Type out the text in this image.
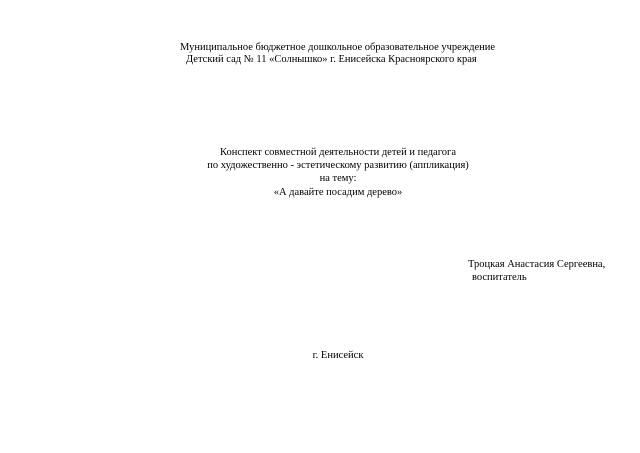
Муниципальное бюджетное дошкольное образовательное учреждение
Детский сад № 11 «Солнышко» г. Енисейска Красноярского края
Конспект совместной деятельности детей и педагога
по художественно - эстетическому развитию (аппликация)
на тему:
«А давайте посадим дерево»
Троцкая Анастасия Сергеевна,
воспитатель
г. Енисейск
